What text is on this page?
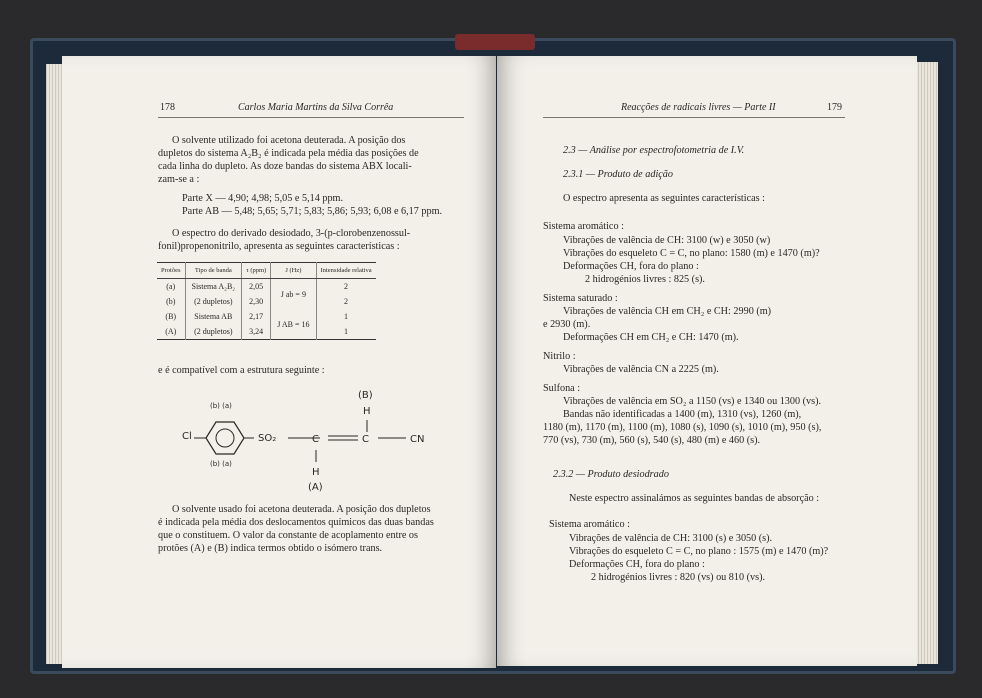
178	Carlos Maria Martins da Silva Corrêa
O solvente utilizado foi acetona deuterada. A posição dos
dupletos do sistema A₂B₂ é indicada pela média das posições de
cada linha do dupleto. As doze bandas do sistema ABX locali-
zam-se a :
Parte X — 4,90; 4,98; 5,05 e 5,14 ppm.
Parte AB — 5,48; 5,65; 5,71; 5,83; 5,86; 5,93; 6,08 e 6,17 ppm.
O espectro do derivado desiodado, 3-(p-clorobenzenossul-
fonil)propenonitrilo, apresenta as seguintes características :
Protões	Tipo de banda	τ (ppm)	J (Hz)	Intensidade relativa
(a)	Sistema A₂B₂	2,05	J ab = 9	2
(b)	(2 dupletos)	2,30		2
(B)	Sistema AB	2,17	J AB = 16	1
(A)	(2 dupletos)	3,24		1
e é compatível com a estrutura seguinte :
(b) (a)
(b) (a)
Cl	SO₂	C	C	CN
(B)
H
H
(A)
O solvente usado foi acetona deuterada. A posição dos dupletos
é indicada pela média dos deslocamentos químicos das duas bandas
que o constituem. O valor da constante de acoplamento entre os
protões (A) e (B) indica termos obtido o isómero trans.
Reacções de radicais livres — Parte II	179
2.3 — Análise por espectrofotometria de I.V.
2.3.1 — Produto de adição
O espectro apresenta as seguintes características :
Sistema aromático :
Vibrações de valência de CH: 3100 (w) e 3050 (w)
Vibrações do esqueleto C = C, no plano: 1580 (m) e 1470 (m)?
Deformações CH, fora do plano :
2 hidrogénios livres : 825 (s).
Sistema saturado :
Vibrações de valência CH em CH₂ e CH: 2990 (m)
e 2930 (m).
Deformações CH em CH₂ e CH: 1470 (m).
Nitrilo :
Vibrações de valência CN a 2225 (m).
Sulfona :
Vibrações de valência em SO₂ a 1150 (vs) e 1340 ou 1300 (vs).
Bandas não identificadas a 1400 (m), 1310 (vs), 1260 (m),
1180 (m), 1170 (m), 1100 (m), 1080 (s), 1090 (s), 1010 (m), 950 (s),
770 (vs), 730 (m), 560 (s), 540 (s), 480 (m) e 460 (s).
2.3.2 — Produto desiodrado
Neste espectro assinalámos as seguintes bandas de absorção :
Sistema aromático :
Vibrações de valência de CH: 3100 (s) e 3050 (s).
Vibrações do esqueleto C = C, no plano : 1575 (m) e 1470 (m)?
Deformações CH, fora do plano :
2 hidrogénios livres : 820 (vs) ou 810 (vs).
